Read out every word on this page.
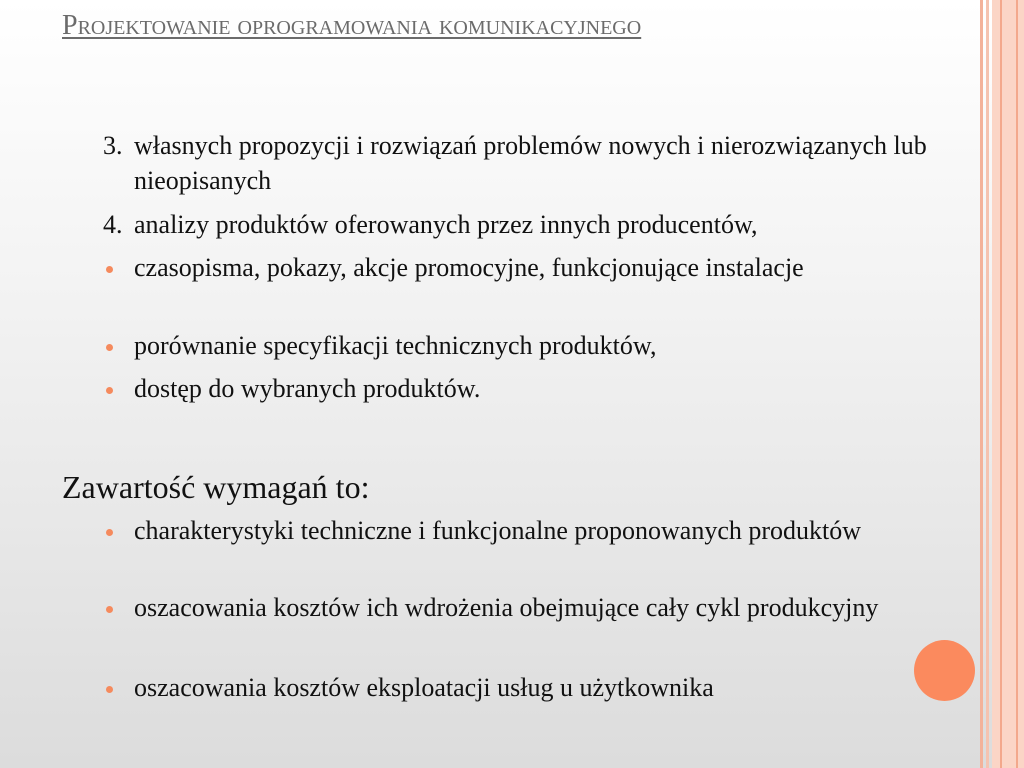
Projektowanie oprogramowania komunikacyjnego
3. własnych propozycji i rozwiązań problemów nowych i nierozwiązanych lub nieopisanych
4. analizy produktów oferowanych przez innych producentów,
czasopisma, pokazy, akcje promocyjne, funkcjonujące instalacje
porównanie specyfikacji technicznych produktów,
dostęp do wybranych produktów.
Zawartość wymagań to:
charakterystyki techniczne i funkcjonalne proponowanych produktów
oszacowania kosztów ich wdrożenia obejmujące cały cykl produkcyjny
oszacowania kosztów eksploatacji usług u użytkownika
